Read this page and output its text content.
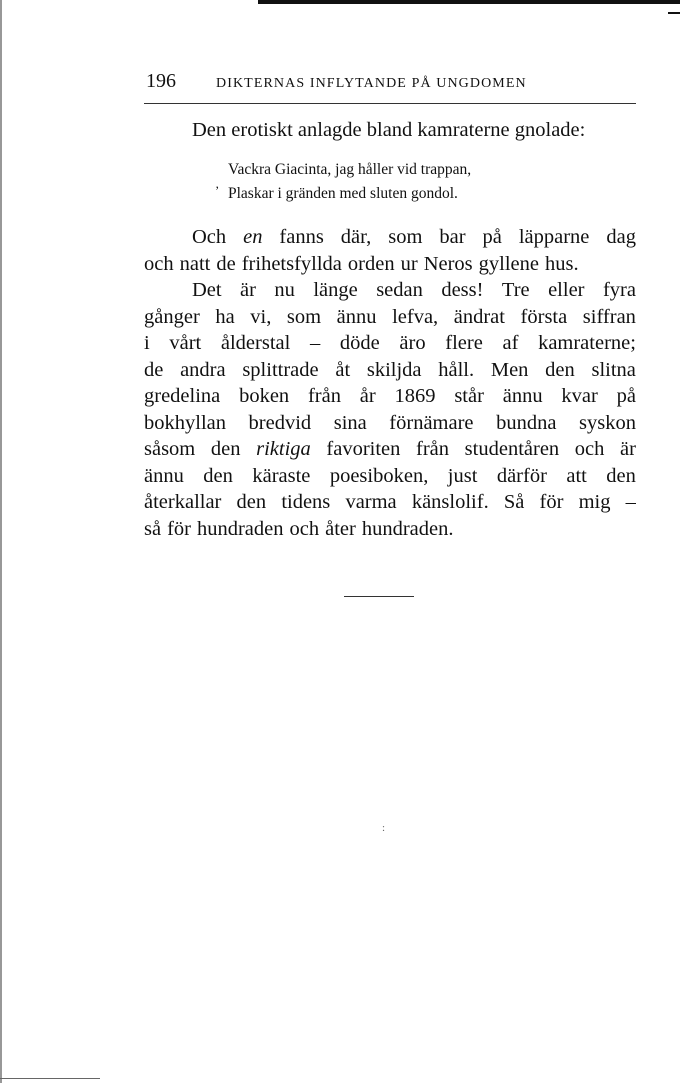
196	DIKTERNAS INFLYTANDE PÅ UNGDOMEN
Den erotiskt anlagde bland kamraterne gnolade:
‚
Vackra Giacinta, jag håller vid trappan,
Plaskar i gränden med sluten gondol.
Och en fanns där, som bar på läpparne dag
och natt de frihetsfyllda orden ur Neros gyllene hus.
Det är nu länge sedan dess! Tre eller fyra
gånger ha vi, som ännu lefva, ändrat första siffran
i vårt ålderstal – döde äro flere af kamraterne;
de andra splittrade åt skiljda håll. Men den slitna
gredelina boken från år 1869 står ännu kvar på
bokhyllan bredvid sina förnämare bundna syskon
såsom den riktiga favoriten från studentåren och är
ännu den käraste poesiboken, just därför att den
återkallar den tidens varma känslolif. Så för mig –
så för hundraden och åter hundraden.
:
